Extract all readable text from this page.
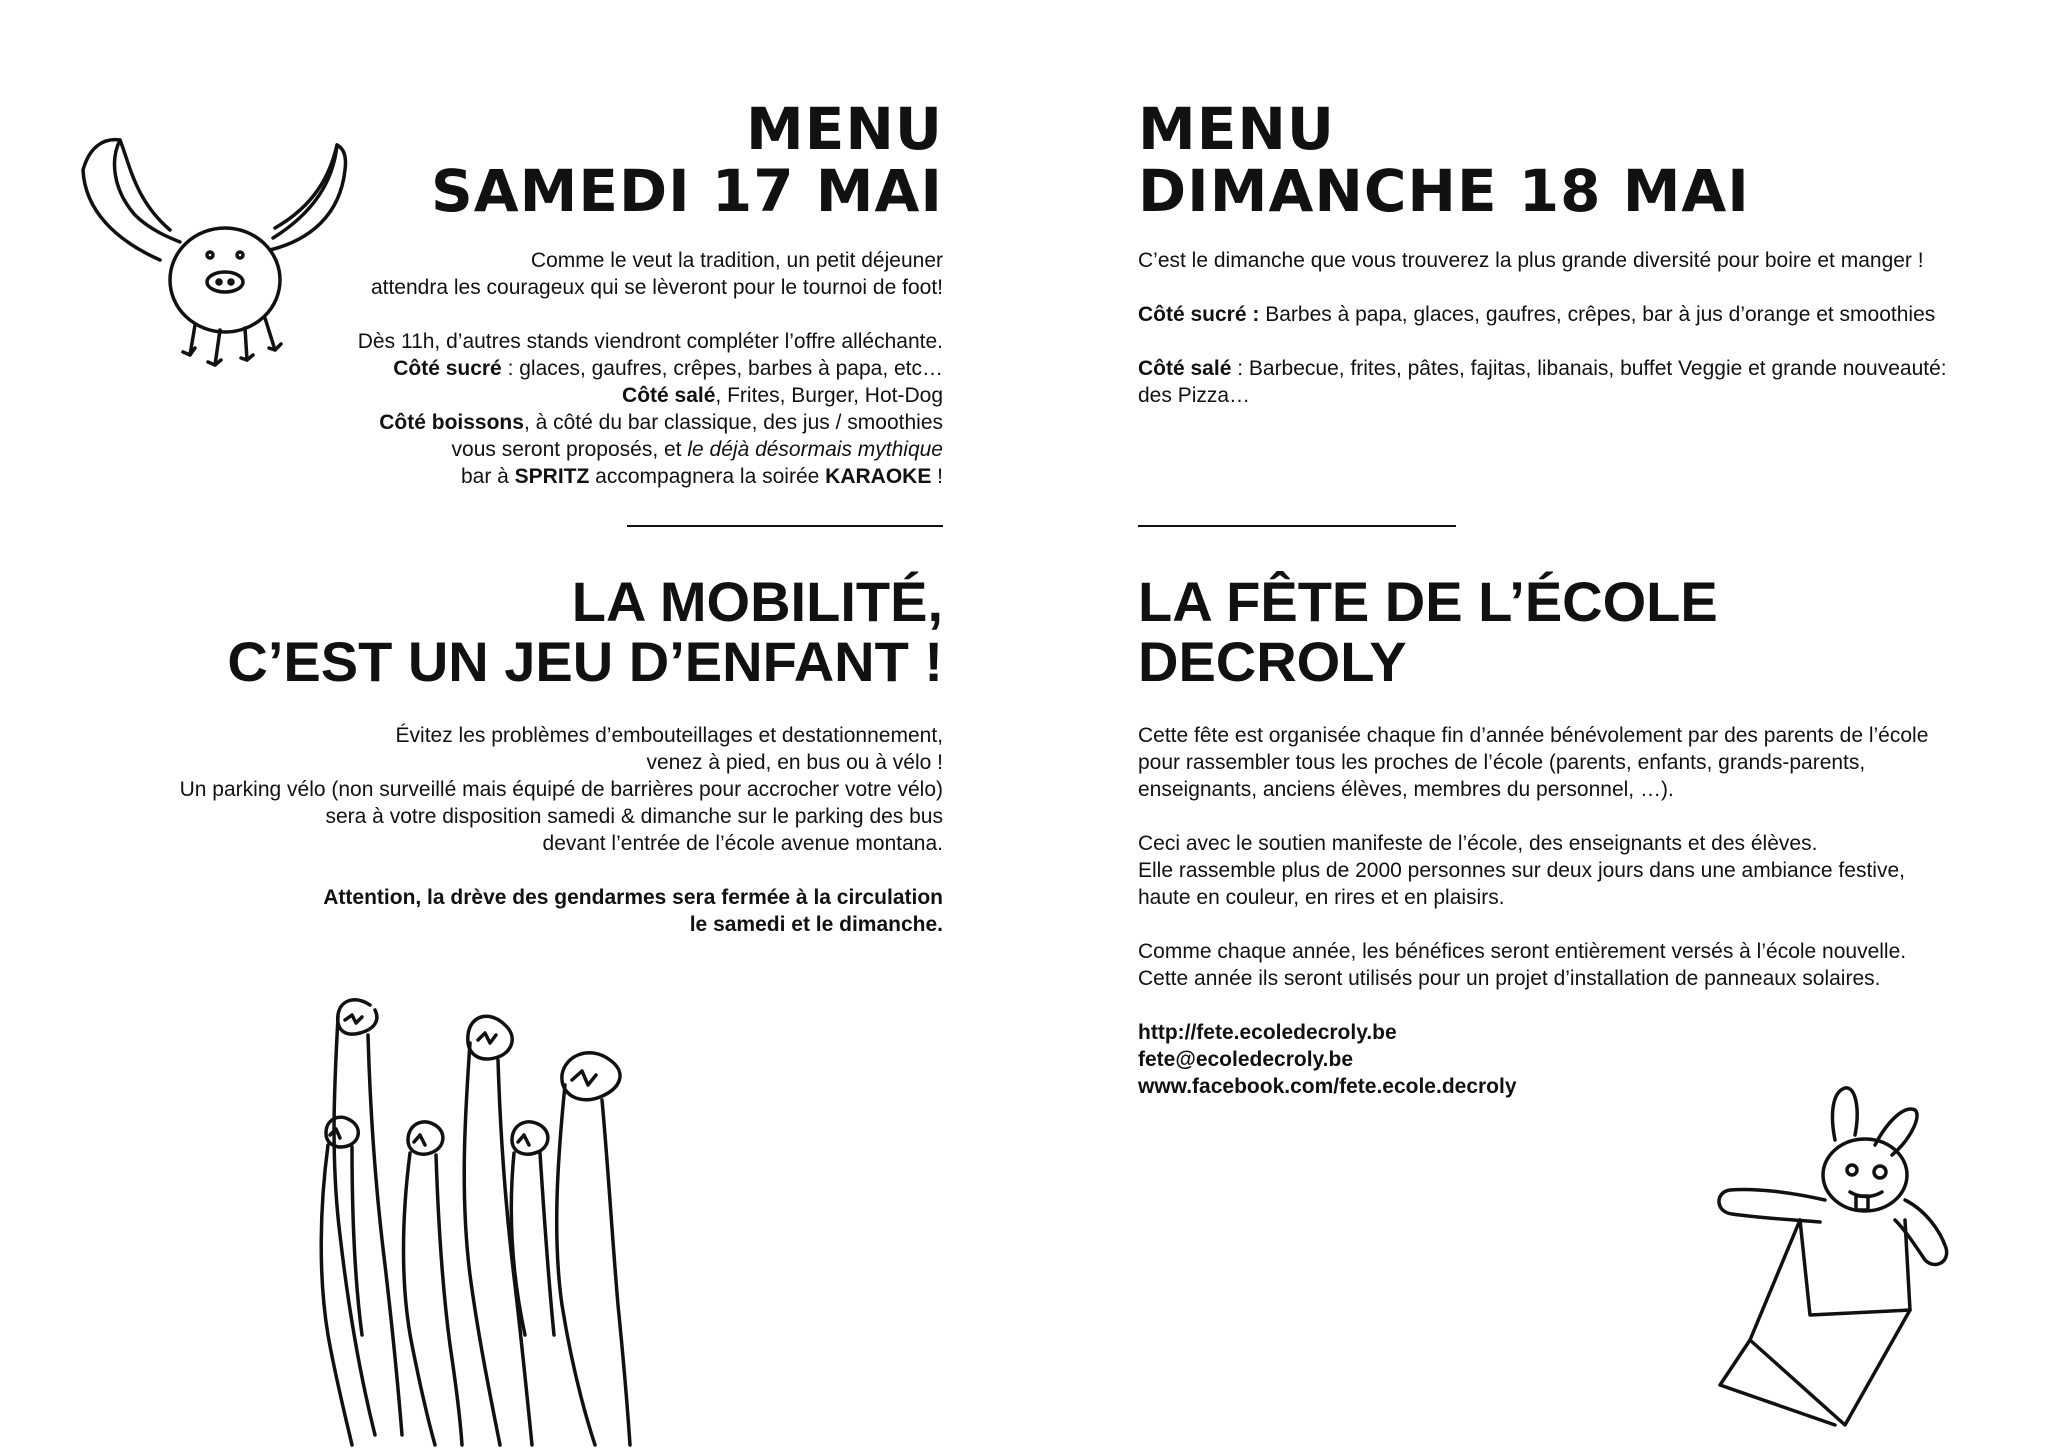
MENU

SAMEDI 17 MAI

Comme le veut la tradition, un petit déjeuner

attendra les courageux qui se lèveront pour le tournoi de foot!

Dès 11h, d’autres stands viendront compléter l’offre alléchante.

Côté sucré : glaces, gaufres, crêpes, barbes à papa, etc…

Côté salé, Frites, Burger, Hot-Dog

Côté boissons, à côté du bar classique, des jus / smoothies

vous seront proposés, et le déjà désormais mythique

bar à SPRITZ accompagnera la soirée KARAOKE !

LA MOBILITÉ,

C’EST UN JEU D’ENFANT !

Évitez les problèmes d’embouteillages et destationnement,

venez à pied, en bus ou à vélo !

Un parking vélo (non surveillé mais équipé de barrières pour accrocher votre vélo)

sera à votre disposition samedi & dimanche sur le parking des bus

devant l’entrée de l’école avenue montana.

Attention, la drève des gendarmes sera fermée à la circulation

le samedi et le dimanche.

MENU

DIMANCHE 18 MAI

C’est le dimanche que vous trouverez la plus grande diversité pour boire et manger !

Côté sucré : Barbes à papa, glaces, gaufres, crêpes, bar à jus d’orange et smoothies

Côté salé : Barbecue, frites, pâtes, fajitas, libanais, buffet Veggie et grande nouveauté:

des Pizza…

LA FÊTE DE L’ÉCOLE

DECROLY

Cette fête est organisée chaque fin d’année bénévolement par des parents de l’école

pour rassembler tous les proches de l’école (parents, enfants, grands-parents,

enseignants, anciens élèves, membres du personnel, …).

Ceci avec le soutien manifeste de l’école, des enseignants et des élèves.

Elle rassemble plus de 2000 personnes sur deux jours dans une ambiance festive,

haute en couleur, en rires et en plaisirs.

Comme chaque année, les bénéfices seront entièrement versés à l’école nouvelle.

Cette année ils seront utilisés pour un projet d’installation de panneaux solaires.

http://fete.ecoledecroly.be

fete@ecoledecroly.be

www.facebook.com/fete.ecole.decroly
